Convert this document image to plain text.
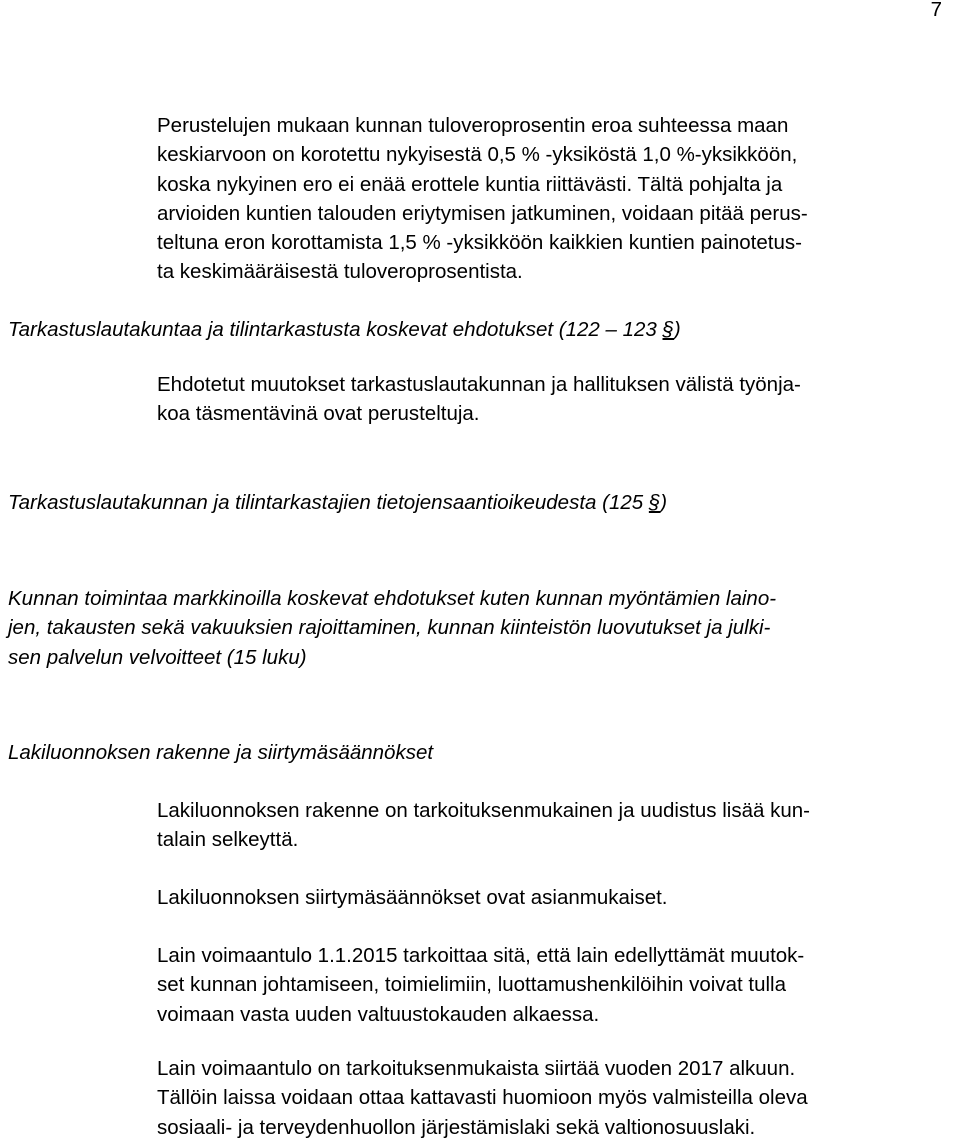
7

Perustelujen mukaan kunnan tuloveroprosentin eroa suhteessa maan
keskiarvoon on korotettu nykyisestä 0,5 % -yksiköstä 1,0 %-yksikköön,
koska nykyinen ero ei enää erottele kuntia riittävästi. Tältä pohjalta ja
arvioiden kuntien talouden eriytymisen jatkuminen, voidaan pitää perus-
teltuna eron korottamista 1,5 % -yksikköön kaikkien kuntien painotetus-
ta keskimääräisestä tuloveroprosentista.

Tarkastuslautakuntaa ja tilintarkastusta koskevat ehdotukset (122 – 123 §)

Ehdotetut muutokset tarkastuslautakunnan ja hallituksen välistä työnja-
koa täsmentävinä ovat perusteltuja.

Tarkastuslautakunnan ja tilintarkastajien tietojensaantioikeudesta (125 §)

Kunnan toimintaa markkinoilla koskevat ehdotukset kuten kunnan myöntämien laino-
jen, takausten sekä vakuuksien rajoittaminen, kunnan kiinteistön luovutukset ja julki-
sen palvelun velvoitteet (15 luku)

Lakiluonnoksen rakenne ja siirtymäsäännökset

Lakiluonnoksen rakenne on tarkoituksenmukainen ja uudistus lisää kun-
talain selkeyttä.

Lakiluonnoksen siirtymäsäännökset ovat asianmukaiset.

Lain voimaantulo 1.1.2015 tarkoittaa sitä, että lain edellyttämät muutok-
set kunnan johtamiseen, toimielimiin, luottamushenkilöihin voivat tulla
voimaan vasta uuden valtuustokauden alkaessa.

Lain voimaantulo on tarkoituksenmukaista siirtää vuoden 2017 alkuun.
Tällöin laissa voidaan ottaa kattavasti huomioon myös valmisteilla oleva
sosiaali- ja terveydenhuollon järjestämislaki sekä valtionosuuslaki.
